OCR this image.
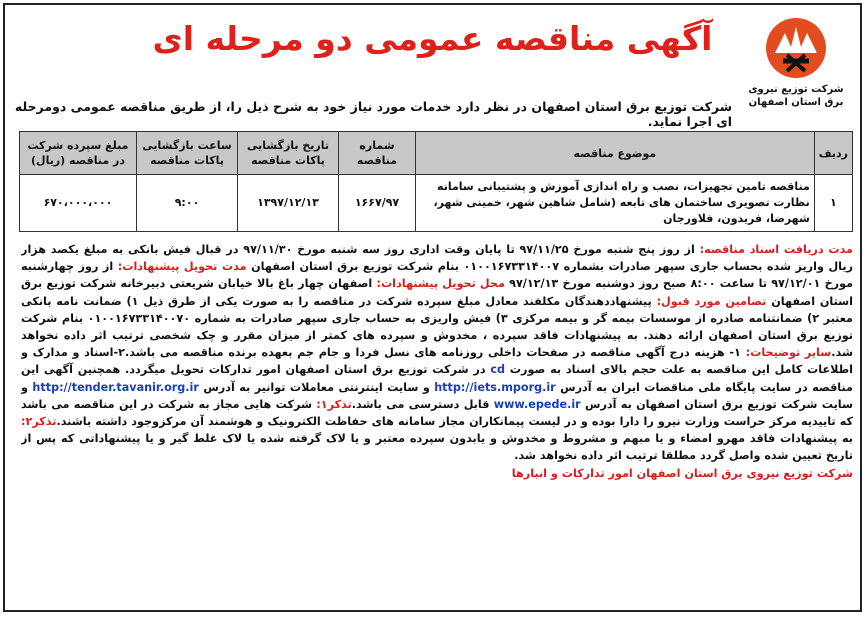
شرکت توزیع نیروی برق استان اصفهان
آگهی مناقصه عمومی دو مرحله ای
شرکت توزیع برق استان اصفهان در نظر دارد خدمات مورد نیاز خود به شرح ذیل را، از طریق مناقصه عمومی دومرحله ای اجرا نماید.
ردیف	موضوع مناقصه	شماره مناقصه	تاریخ بازگشایی پاکات مناقصه	ساعت بازگشایی پاکات مناقصه	مبلغ سپرده شرکت در مناقصه (ریال)
۱	مناقصه تامین تجهیزات، نصب و راه اندازی آموزش و پشتیبانی سامانه نظارت تصویری ساختمان های تابعه (شامل شاهین شهر، خمینی شهر، شهرضا، فریدون، فلاورجان	۱۶۶۷/۹۷	۱۳۹۷/۱۲/۱۳	۹:۰۰	۶۷۰،۰۰۰،۰۰۰
مدت دریافت اسناد مناقصه: از روز پنج شنبه مورخ ۹۷/۱۱/۲۵ تا پایان وقت اداری روز سه شنبه مورخ ۹۷/۱۱/۳۰ در قبال فیش بانکی به مبلغ یکصد هزار ریال واریز شده بحساب جاری سپهر صادرات بشماره ۰۱۰۰۱۶۷۳۳۱۴۰۰۷ بنام شرکت توزیع برق استان اصفهان مدت تحویل پیشنهادات: از روز چهارشنبه مورخ ۹۷/۱۲/۰۱ تا ساعت ۸:۰۰ صبح روز دوشنبه مورخ ۹۷/۱۲/۱۳ محل تحویل پیشنهادات: اصفهان چهار باغ بالا خیابان شریعتی دبیرخانه شرکت توزیع برق استان اصفهان تضامین مورد قبول: پیشنهاددهندگان مکلفند معادل مبلغ سپرده شرکت در مناقصه را به صورت یکی از طرق ذیل ۱) ضمانت نامه بانکی معتبر ۲) ضمانتنامه صادره از موسسات بیمه گر و بیمه مرکزی ۳) فیش واریزی به حساب جاری سپهر صادرات به شماره ۰۱۰۰۱۶۷۳۳۱۴۰۰۷۰ بنام شرکت توزیع برق استان اصفهان ارائه دهند. به پیشنهادات فاقد سپرده ، مخدوش و سپرده های کمتر از میزان مقرر و چک شخصی ترتیب اثر داده نخواهد شد.سایر توضیحات: ۱- هزینه درج آگهی مناقصه در صفحات داخلی روزنامه های نسل فردا و جام جم بعهده برنده مناقصه می باشد.۲-اسناد و مدارک و اطلاعات کامل این مناقصه به علت حجم بالای اسناد به صورت cd در شرکت توزیع برق استان اصفهان امور تدارکات تحویل میگردد. همچنین آگهی این مناقصه در سایت پایگاه ملی مناقصات ایران به آدرس http://iets.mporg.ir و سایت اینترنتی معاملات توانیر به آدرس http://tender.tavanir.org.ir و سایت شرکت توزیع برق استان اصفهان به آدرس www.epede.ir قابل دسترسی می باشد.تذکر۱: شرکت هایی مجاز به شرکت در این مناقصه می باشد که تاییدیه مرکز حراست وزارت نیرو را دارا بوده و در لیست پیمانکاران مجاز سامانه های حفاظت الکترونیک و هوشمند آن مرکزوجود داشته باشند.تذکر۲: به پیشنهادات فاقد مهرو امضاء و یا مبهم و مشروط و مخدوش و یابدون سپرده معتبر و یا لاک گرفته شده یا لاک غلط گیر و یا پیشنهاداتی که پس از تاریخ تعیین شده واصل گردد مطلقا ترتیب اثر داده نخواهد شد.
شرکت توزیع نیروی برق استان اصفهان امور تدارکات و انبارها
